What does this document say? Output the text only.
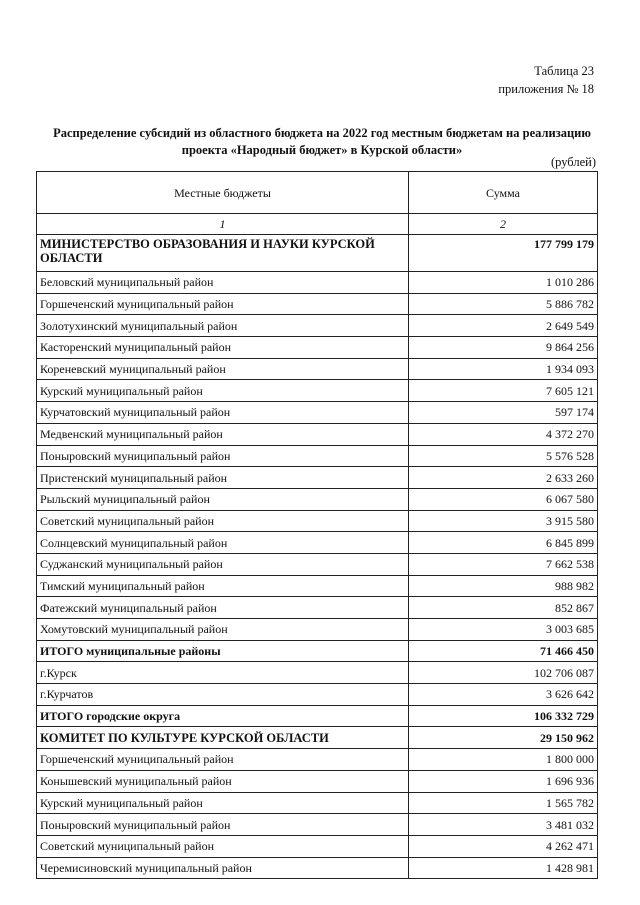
Таблица 23
приложения № 18
Распределение субсидий из областного бюджета на 2022 год местным бюджетам на реализацию
проекта «Народный бюджет» в Курской области»
(рублей)
Местные бюджеты	Сумма
1	2
МИНИСТЕРСТВО ОБРАЗОВАНИЯ И НАУКИ КУРСКОЙ ОБЛАСТИ	177 799 179
Беловский муниципальный район	1 010 286
Горшеченский муниципальный район	5 886 782
Золотухинский муниципальный район	2 649 549
Касторенский муниципальный район	9 864 256
Кореневский муниципальный район	1 934 093
Курский муниципальный район	7 605 121
Курчатовский муниципальный район	597 174
Медвенский муниципальный район	4 372 270
Поныровский муниципальный район	5 576 528
Пристенский муниципальный район	2 633 260
Рыльский муниципальный район	6 067 580
Советский муниципальный район	3 915 580
Солнцевский муниципальный район	6 845 899
Суджанский муниципальный район	7 662 538
Тимский муниципальный район	988 982
Фатежский муниципальный район	852 867
Хомутовский муниципальный район	3 003 685
ИТОГО муниципальные районы	71 466 450
г.Курск	102 706 087
г.Курчатов	3 626 642
ИТОГО городские округа	106 332 729
КОМИТЕТ ПО КУЛЬТУРЕ КУРСКОЙ ОБЛАСТИ	29 150 962
Горшеченский муниципальный район	1 800 000
Конышевский муниципальный район	1 696 936
Курский муниципальный район	1 565 782
Поныровский муниципальный район	3 481 032
Советский муниципальный район	4 262 471
Черемисиновский муниципальный район	1 428 981
